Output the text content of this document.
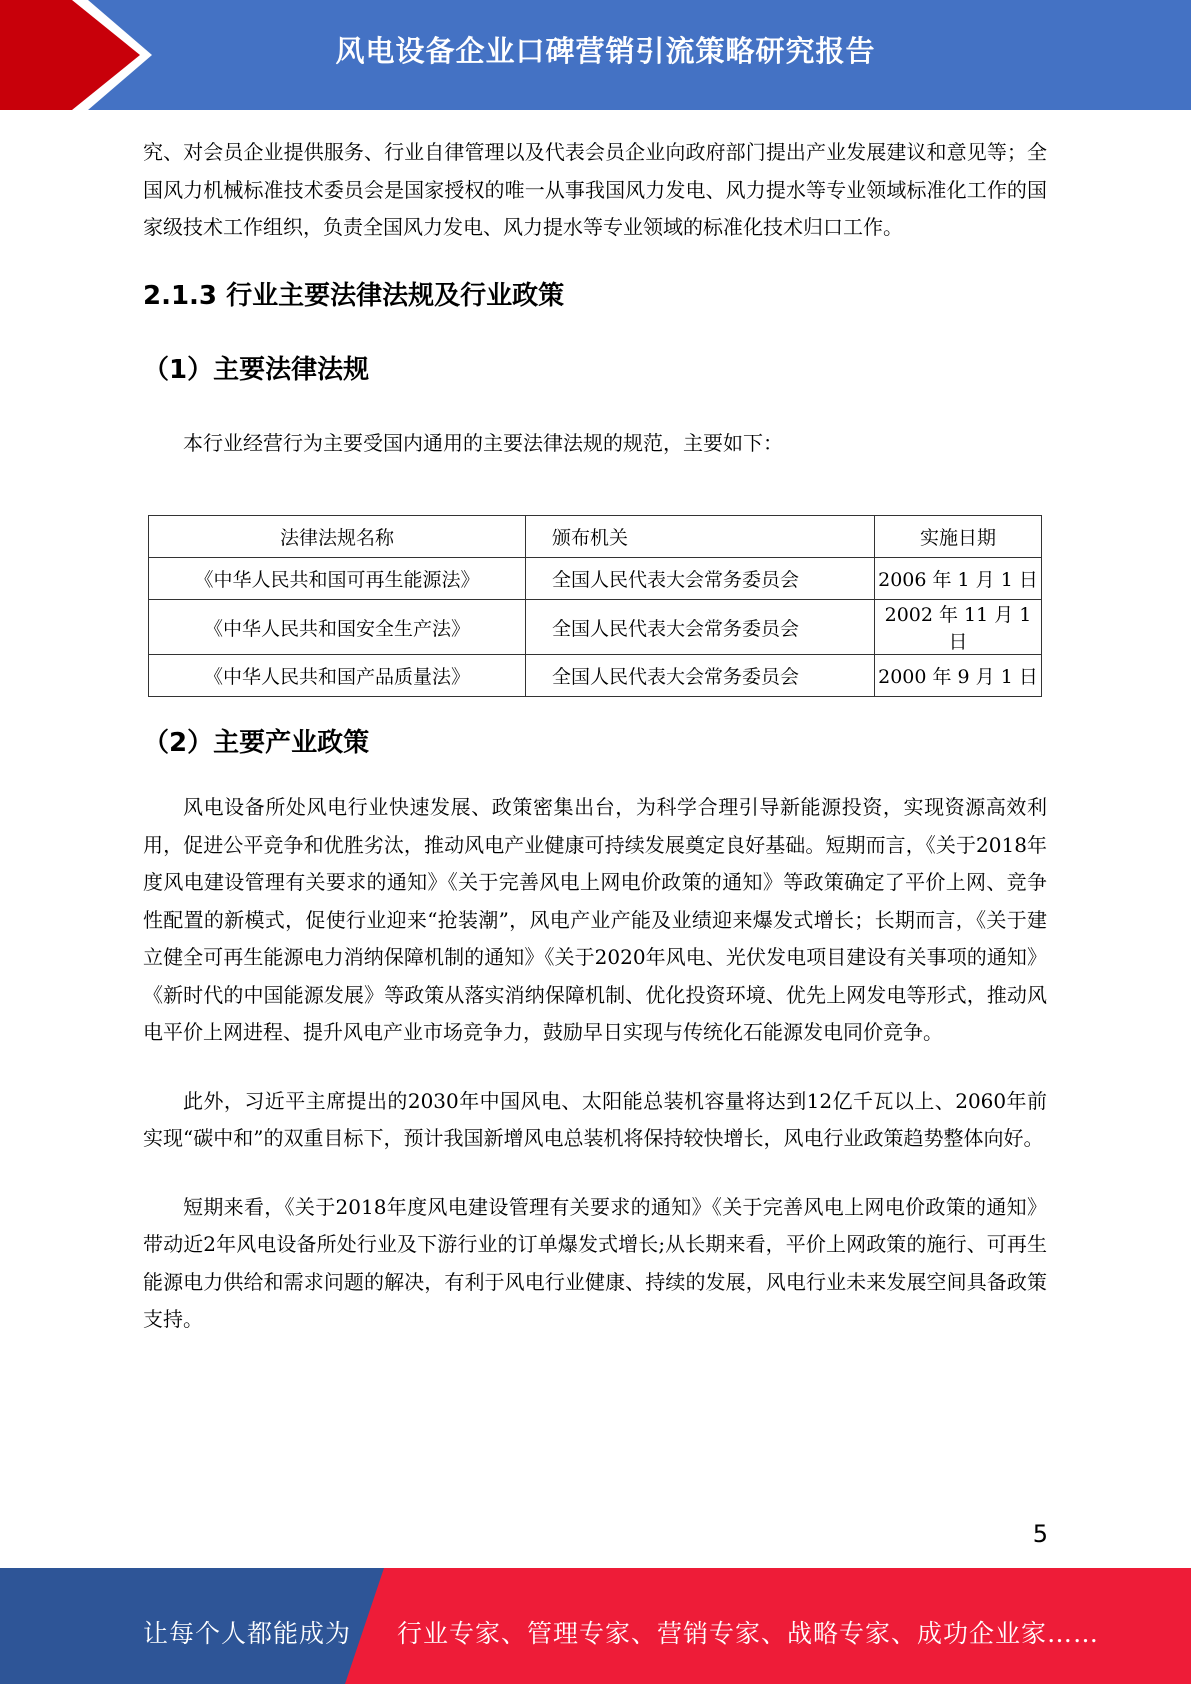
风电设备企业口碑营销引流策略研究报告

究、对会员企业提供服务、行业自律管理以及代表会员企业向政府部门提出产业发展建议和意见等；全国风力机械标准技术委员会是国家授权的唯一从事我国风力发电、风力提水等专业领域标准化工作的国家级技术工作组织，负责全国风力发电、风力提水等专业领域的标准化技术归口工作。

2.1.3 行业主要法律法规及行业政策
（1）主要法律法规

本行业经营行为主要受国内通用的主要法律法规的规范，主要如下：

法律法规名称	颁布机关	实施日期
《中华人民共和国可再生能源法》	全国人民代表大会常务委员会	2006 年 1 月 1 日
《中华人民共和国安全生产法》	全国人民代表大会常务委员会	2002 年 11 月 1 日
《中华人民共和国产品质量法》	全国人民代表大会常务委员会	2000 年 9 月 1 日
（2）主要产业政策

风电设备所处风电行业快速发展、政策密集出台，为科学合理引导新能源投资，实现资源高效利用，促进公平竞争和优胜劣汰，推动风电产业健康可持续发展奠定良好基础。短期而言，《关于2018年度风电建设管理有关要求的通知》《关于完善风电上网电价政策的通知》等政策确定了平价上网、竞争性配置的新模式，促使行业迎来“抢装潮”，风电产业产能及业绩迎来爆发式增长；长期而言，《关于建立健全可再生能源电力消纳保障机制的通知》《关于2020年风电、光伏发电项目建设有关事项的通知》《新时代的中国能源发展》等政策从落实消纳保障机制、优化投资环境、优先上网发电等形式，推动风电平价上网进程、提升风电产业市场竞争力，鼓励早日实现与传统化石能源发电同价竞争。

此外，习近平主席提出的2030年中国风电、太阳能总装机容量将达到12亿千瓦以上、2060年前实现“碳中和”的双重目标下，预计我国新增风电总装机将保持较快增长，风电行业政策趋势整体向好。

短期来看，《关于2018年度风电建设管理有关要求的通知》《关于完善风电上网电价政策的通知》带动近2年风电设备所处行业及下游行业的订单爆发式增长;从长期来看，平价上网政策的施行、可再生能源电力供给和需求问题的解决，有利于风电行业健康、持续的发展，风电行业未来发展空间具备政策支持。

5
让每个人都能成为 行业专家、管理专家、营销专家、战略专家、成功企业家……
